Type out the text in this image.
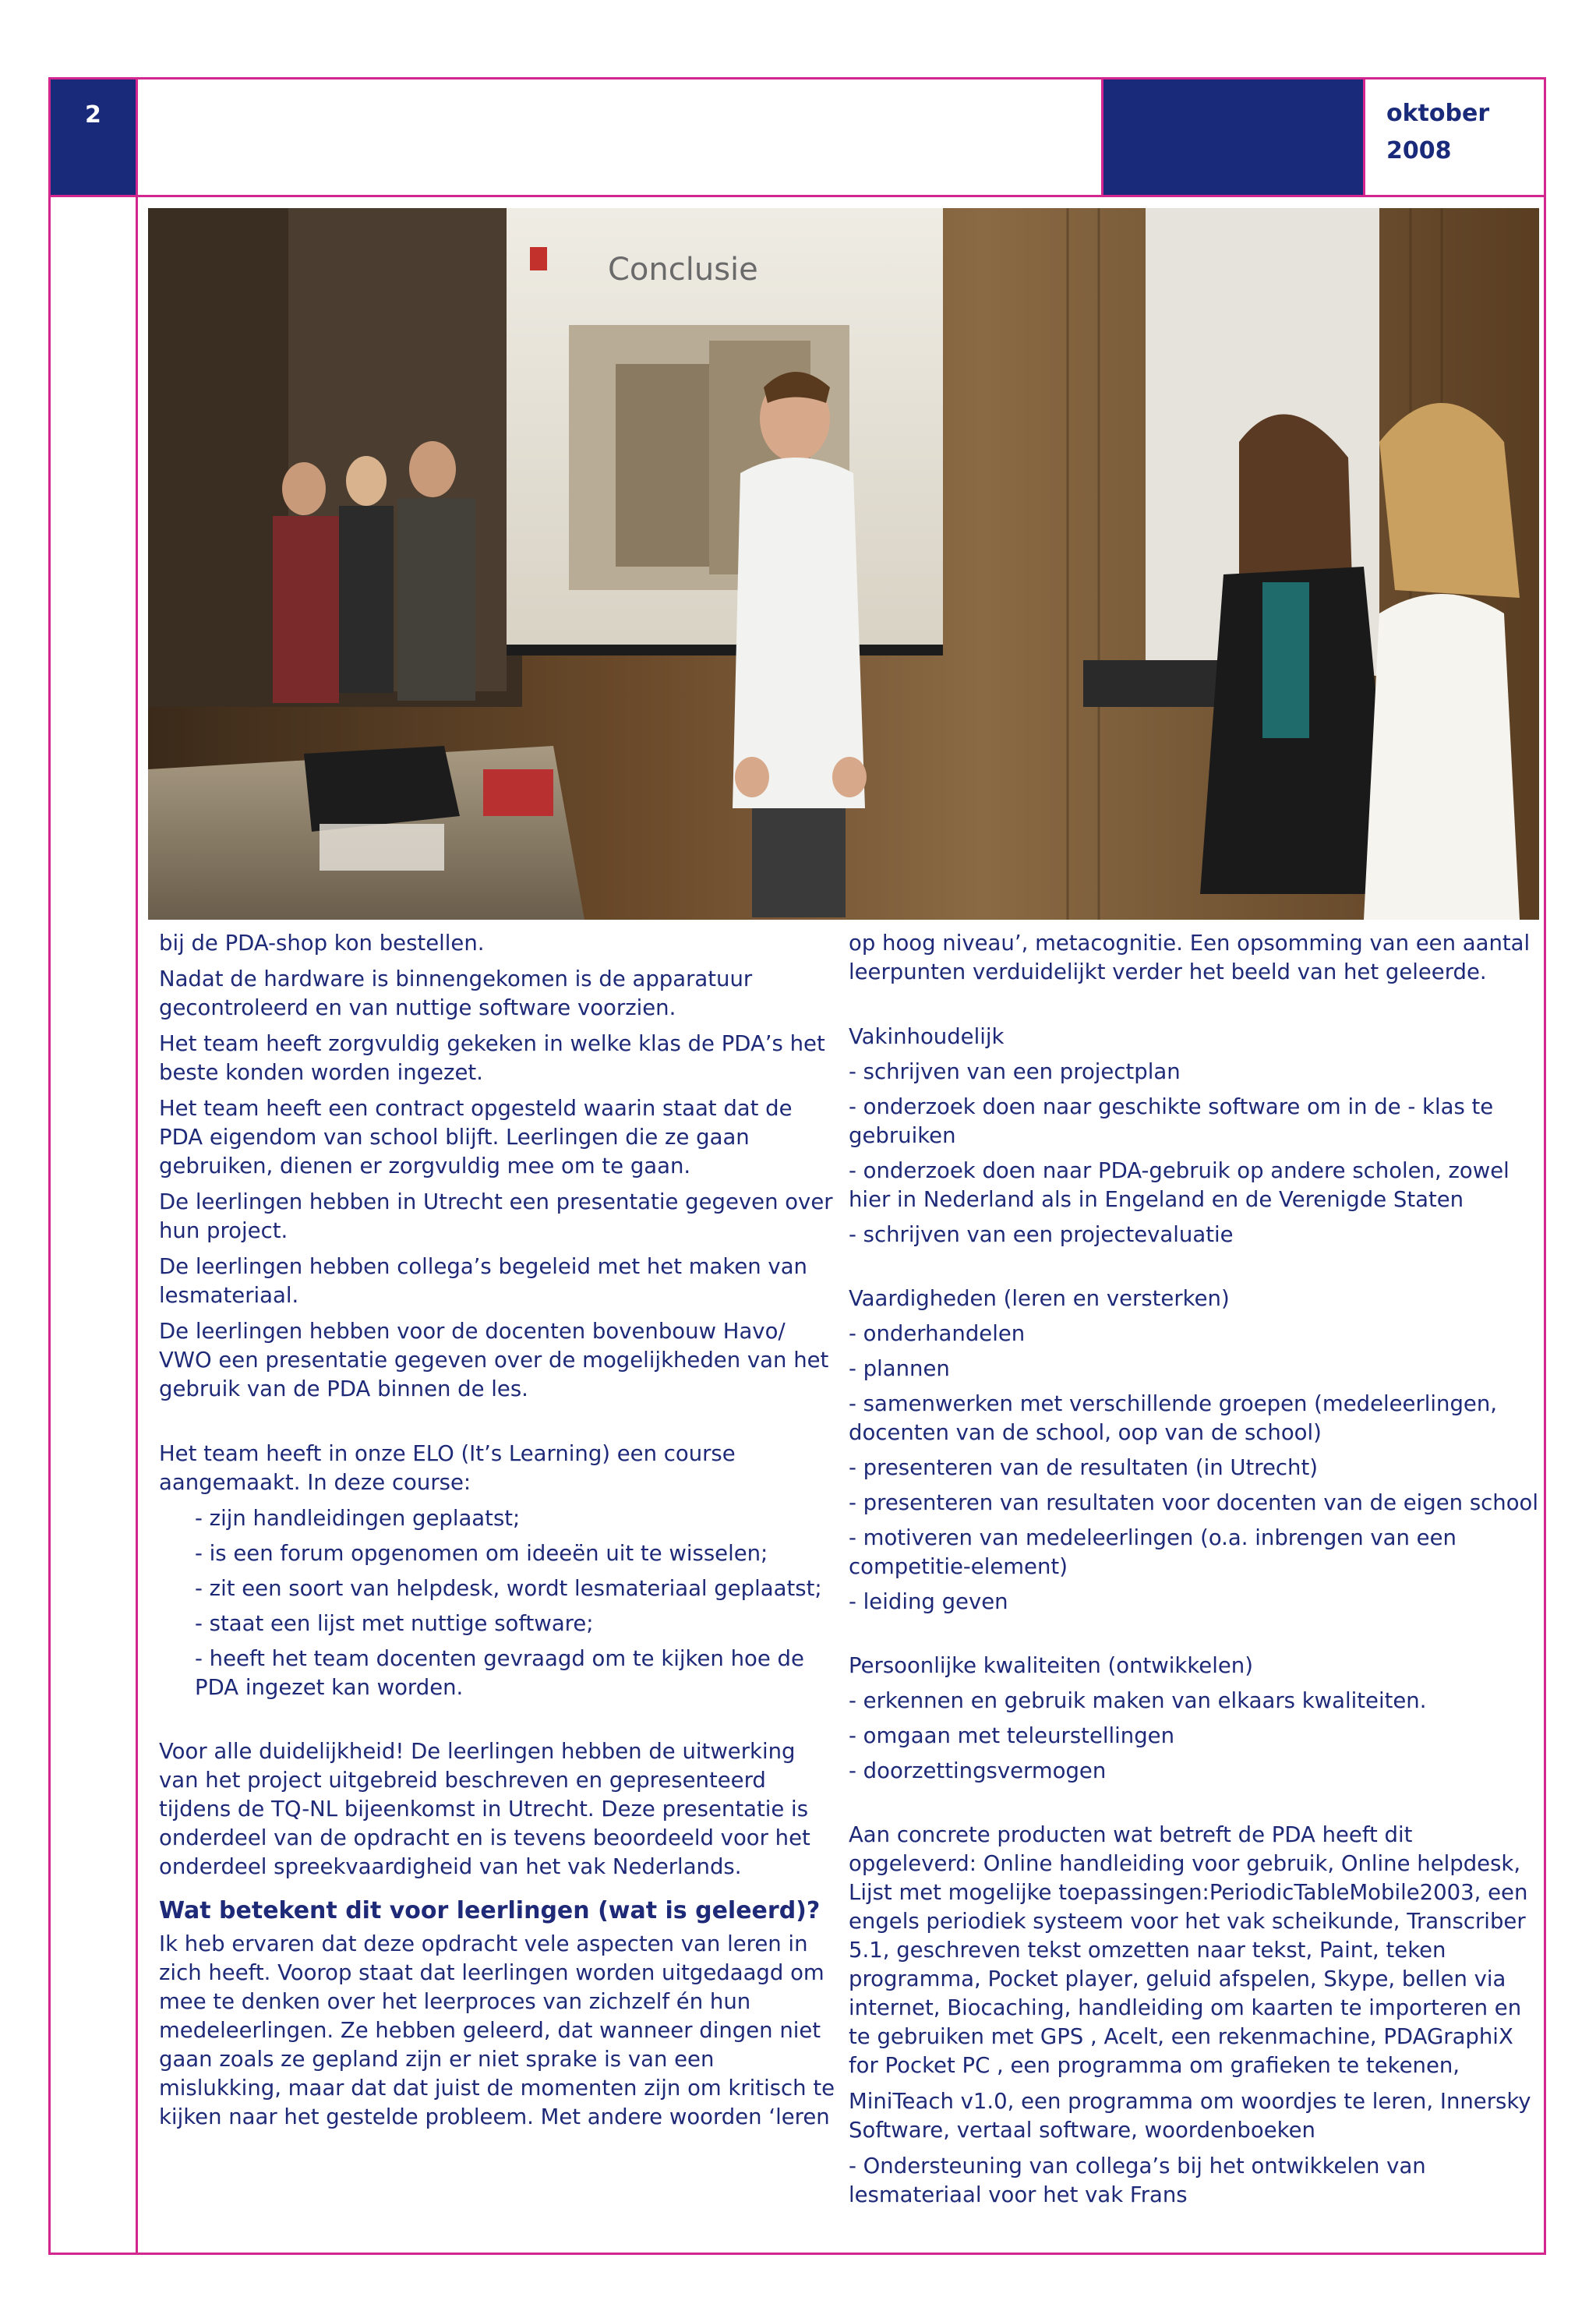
2	oktober
2008
Conclusie

bij de PDA-shop kon bestellen.

Nadat de hardware is binnengekomen is de apparatuur gecontroleerd en van nuttige software voorzien.

Het team heeft zorgvuldig gekeken in welke klas de PDA’s het beste konden worden ingezet.

Het team heeft een contract opgesteld waarin staat dat de PDA eigendom van school blijft. Leerlingen die ze gaan gebruiken, dienen er zorgvuldig mee om te gaan.

De leerlingen hebben in Utrecht een presentatie gegeven over hun project.

De leerlingen hebben collega’s begeleid met het maken van lesmateriaal.

De leerlingen hebben voor de docenten bovenbouw Havo/ VWO een presentatie gegeven over de mogelijkheden van het gebruik van de PDA binnen de les.

Het team heeft in onze ELO (It’s Learning) een course aangemaakt. In deze course:

- zijn handleidingen geplaatst;

- is een forum opgenomen om ideeën uit te wisselen;

- zit een soort van helpdesk, wordt lesmateriaal geplaatst;

- staat een lijst met nuttige software;

- heeft het team docenten gevraagd om te kijken hoe de PDA ingezet kan worden.

Voor alle duidelijkheid! De leerlingen hebben de uitwerking van het project uitgebreid beschreven en gepresenteerd tijdens de TQ-NL bijeenkomst in Utrecht. Deze presentatie is onderdeel van de opdracht en is tevens beoordeeld voor het onderdeel spreekvaardigheid van het vak Nederlands.

Wat betekent dit voor leerlingen (wat is geleerd)?

Ik heb ervaren dat deze opdracht vele aspecten van leren in zich heeft. Voorop staat dat leerlingen worden uitgedaagd om mee te denken over het leerproces van zichzelf én hun medeleerlingen. Ze hebben geleerd, dat wanneer dingen niet gaan zoals ze gepland zijn er niet sprake is van een mislukking, maar dat dat juist de momenten zijn om kritisch te kijken naar het gestelde probleem. Met andere woorden ‘leren

op hoog niveau’, metacognitie. Een opsomming van een aantal leerpunten verduidelijkt verder het beeld van het geleerde.

Vakinhoudelijk

- schrijven van een projectplan

- onderzoek doen naar geschikte software om in de - klas te gebruiken

- onderzoek doen naar PDA-gebruik op andere scholen, zowel hier in Nederland als in Engeland en de Verenigde Staten

- schrijven van een projectevaluatie

Vaardigheden (leren en versterken)

- onderhandelen

- plannen

- samenwerken met verschillende groepen (medeleerlingen, docenten van de school, oop van de school)

- presenteren van de resultaten (in Utrecht)

- presenteren van resultaten voor docenten van de eigen school

- motiveren van medeleerlingen (o.a. inbrengen van een competitie-element)

- leiding geven

Persoonlijke kwaliteiten (ontwikkelen)

- erkennen en gebruik maken van elkaars kwaliteiten.

- omgaan met teleurstellingen

- doorzettingsvermogen

Aan concrete producten wat betreft de PDA heeft dit opgeleverd: Online handleiding voor gebruik, Online helpdesk, Lijst met mogelijke toepassingen:PeriodicTableMobile2003, een engels periodiek systeem voor het vak scheikunde, Transcriber 5.1, geschreven tekst omzetten naar tekst, Paint, teken programma, Pocket player, geluid afspelen, Skype, bellen via internet, Biocaching, handleiding om kaarten te importeren en te gebruiken met GPS , Acelt, een rekenmachine, PDAGraphiX for Pocket PC , een programma om grafieken te tekenen,

MiniTeach v1.0, een programma om woordjes te leren, Innersky Software, vertaal software, woordenboeken

- Ondersteuning van collega’s bij het ontwikkelen van lesmateriaal voor het vak Frans
